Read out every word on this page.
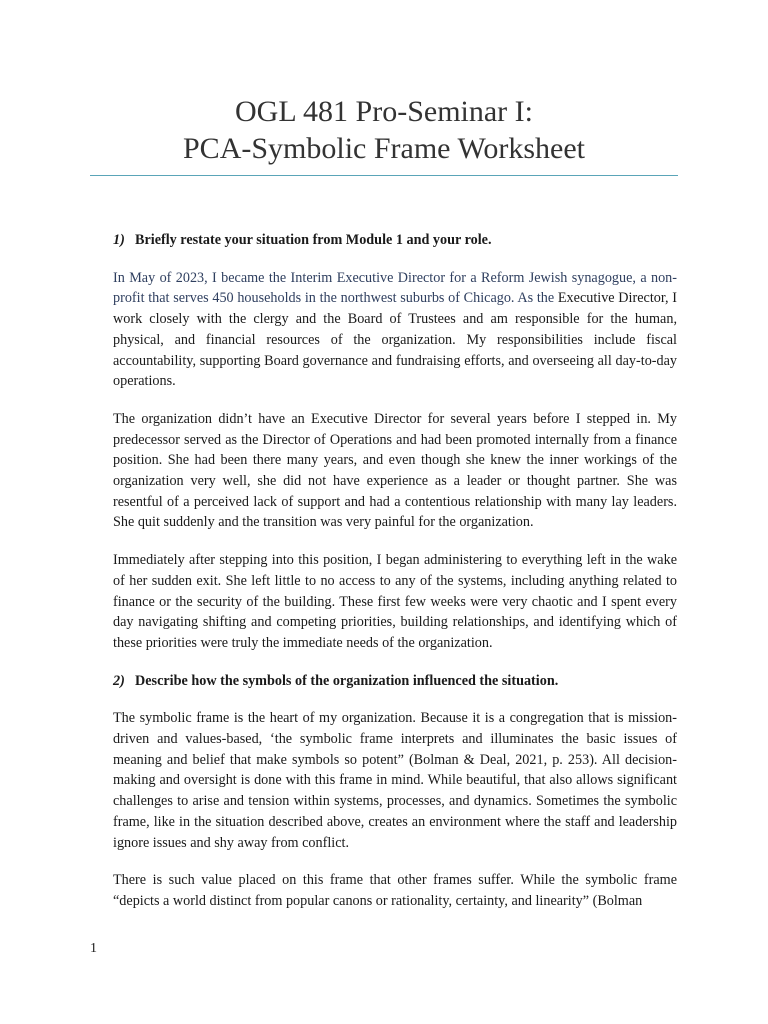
OGL 481 Pro-Seminar I:
PCA-Symbolic Frame Worksheet
1) Briefly restate your situation from Module 1 and your role.

In May of 2023, I became the Interim Executive Director for a Reform Jewish synagogue, a non-profit that serves 450 households in the northwest suburbs of Chicago. As the Executive Director, I work closely with the clergy and the Board of Trustees and am responsible for the human, physical, and financial resources of the organization. My responsibilities include fiscal accountability, supporting Board governance and fundraising efforts, and overseeing all day-to-day operations.

The organization didn’t have an Executive Director for several years before I stepped in. My predecessor served as the Director of Operations and had been promoted internally from a finance position. She had been there many years, and even though she knew the inner workings of the organization very well, she did not have experience as a leader or thought partner. She was resentful of a perceived lack of support and had a contentious relationship with many lay leaders. She quit suddenly and the transition was very painful for the organization.

Immediately after stepping into this position, I began administering to everything left in the wake of her sudden exit. She left little to no access to any of the systems, including anything related to finance or the security of the building. These first few weeks were very chaotic and I spent every day navigating shifting and competing priorities, building relationships, and identifying which of these priorities were truly the immediate needs of the organization.

2) Describe how the symbols of the organization influenced the situation.

The symbolic frame is the heart of my organization. Because it is a congregation that is mission-driven and values-based, ‘the symbolic frame interprets and illuminates the basic issues of meaning and belief that make symbols so potent” (Bolman & Deal, 2021, p. 253). All decision-making and oversight is done with this frame in mind. While beautiful, that also allows significant challenges to arise and tension within systems, processes, and dynamics. Sometimes the symbolic frame, like in the situation described above, creates an environment where the staff and leadership ignore issues and shy away from conflict.

There is such value placed on this frame that other frames suffer. While the symbolic frame “depicts a world distinct from popular canons or rationality, certainty, and linearity” (Bolman

1
